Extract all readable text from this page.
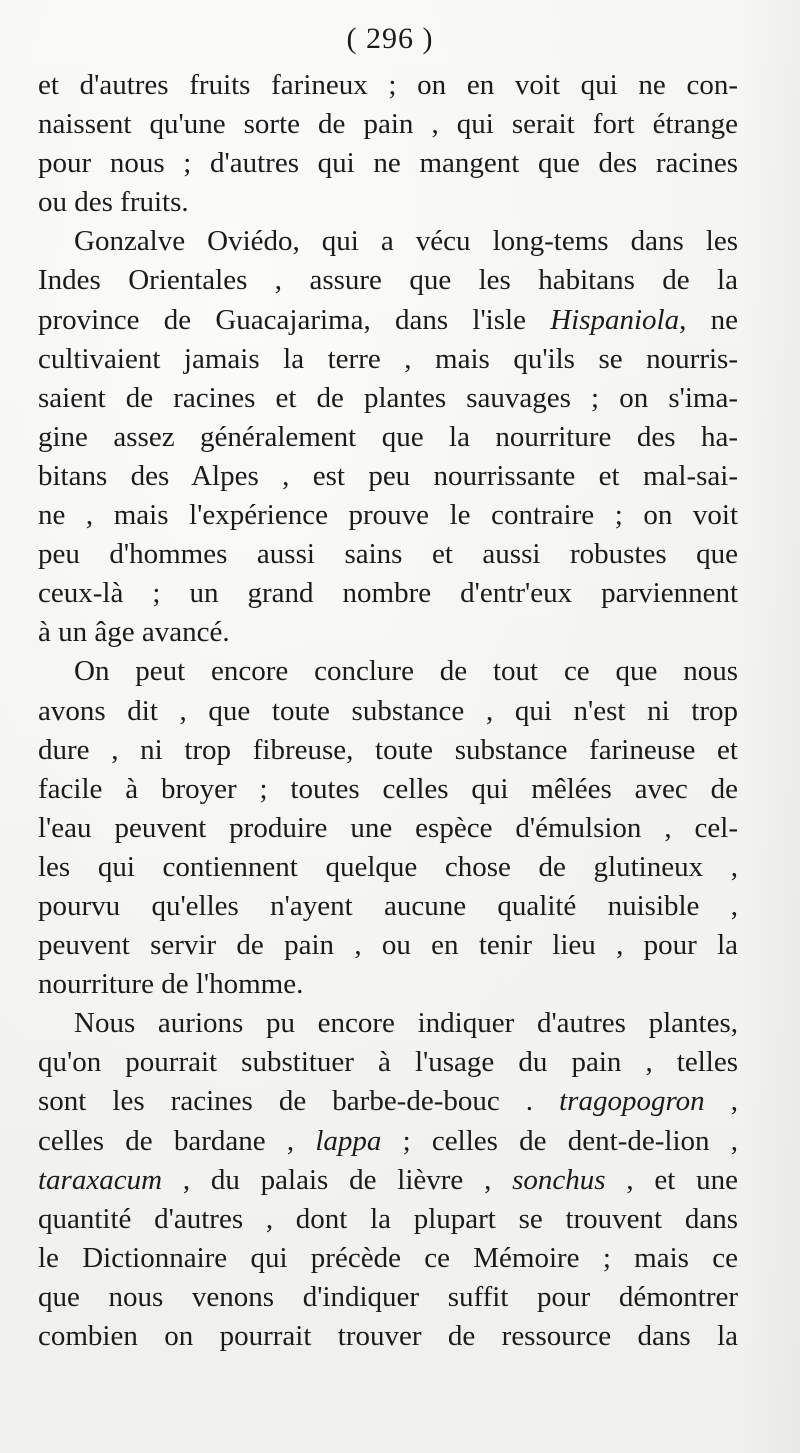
( 296 )
et d'autres fruits farineux ; on en voit qui ne con-
naissent qu'une sorte de pain , qui serait fort étrange
pour nous ; d'autres qui ne mangent que des racines
ou des fruits.
Gonzalve Oviédo, qui a vécu long-tems dans les
Indes Orientales , assure que les habitans de la
province de Guacajarima, dans l'isle Hispaniola, ne
cultivaient jamais la terre , mais qu'ils se nourris-
saient de racines et de plantes sauvages ; on s'ima-
gine assez généralement que la nourriture des ha-
bitans des Alpes , est peu nourrissante et mal-sai-
ne , mais l'expérience prouve le contraire ; on voit
peu d'hommes aussi sains et aussi robustes que
ceux-là ; un grand nombre d'entr'eux parviennent
à un âge avancé.
On peut encore conclure de tout ce que nous
avons dit , que toute substance , qui n'est ni trop
dure , ni trop fibreuse, toute substance farineuse et
facile à broyer ; toutes celles qui mêlées avec de
l'eau peuvent produire une espèce d'émulsion , cel-
les qui contiennent quelque chose de glutineux ,
pourvu qu'elles n'ayent aucune qualité nuisible ,
peuvent servir de pain , ou en tenir lieu , pour la
nourriture de l'homme.
Nous aurions pu encore indiquer d'autres plantes,
qu'on pourrait substituer à l'usage du pain , telles
sont les racines de barbe-de-bouc . tragopogron ,
celles de bardane , lappa ; celles de dent-de-lion ,
taraxacum , du palais de lièvre , sonchus , et une
quantité d'autres , dont la plupart se trouvent dans
le Dictionnaire qui précède ce Mémoire ; mais ce
que nous venons d'indiquer suffit pour démontrer
combien on pourrait trouver de ressource dans la
